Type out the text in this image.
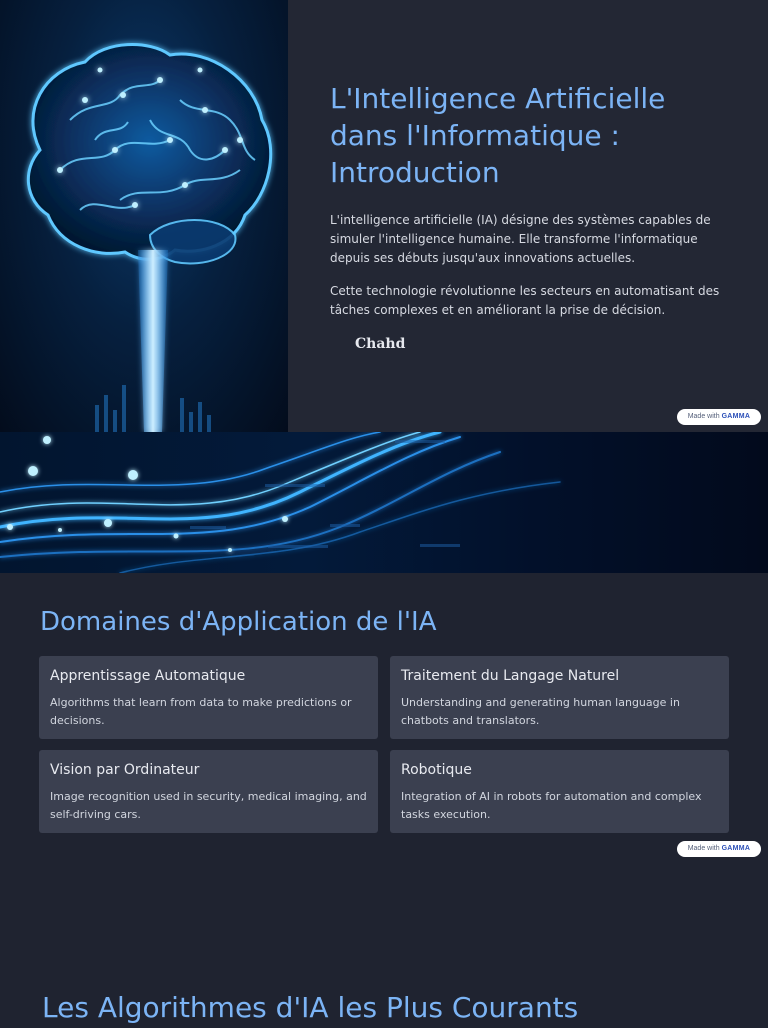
L'Intelligence Artificielle dans l'Informatique : Introduction

L'intelligence artificielle (IA) désigne des systèmes capables de simuler l'intelligence humaine. Elle transforme l'informatique depuis ses débuts jusqu'aux innovations actuelles.

Cette technologie révolutionne les secteurs en automatisant des tâches complexes et en améliorant la prise de décision.

Chahd
Made with GAMMA
Domaines d'Application de l'IA
Apprentissage Automatique
Algorithms that learn from data to make predictions or decisions.
Traitement du Langage Naturel
Understanding and generating human language in chatbots and translators.
Vision par Ordinateur
Image recognition used in security, medical imaging, and self-driving cars.
Robotique
Integration of AI in robots for automation and complex tasks execution.
Made with GAMMA
Les Algorithmes d'IA les Plus Courants
